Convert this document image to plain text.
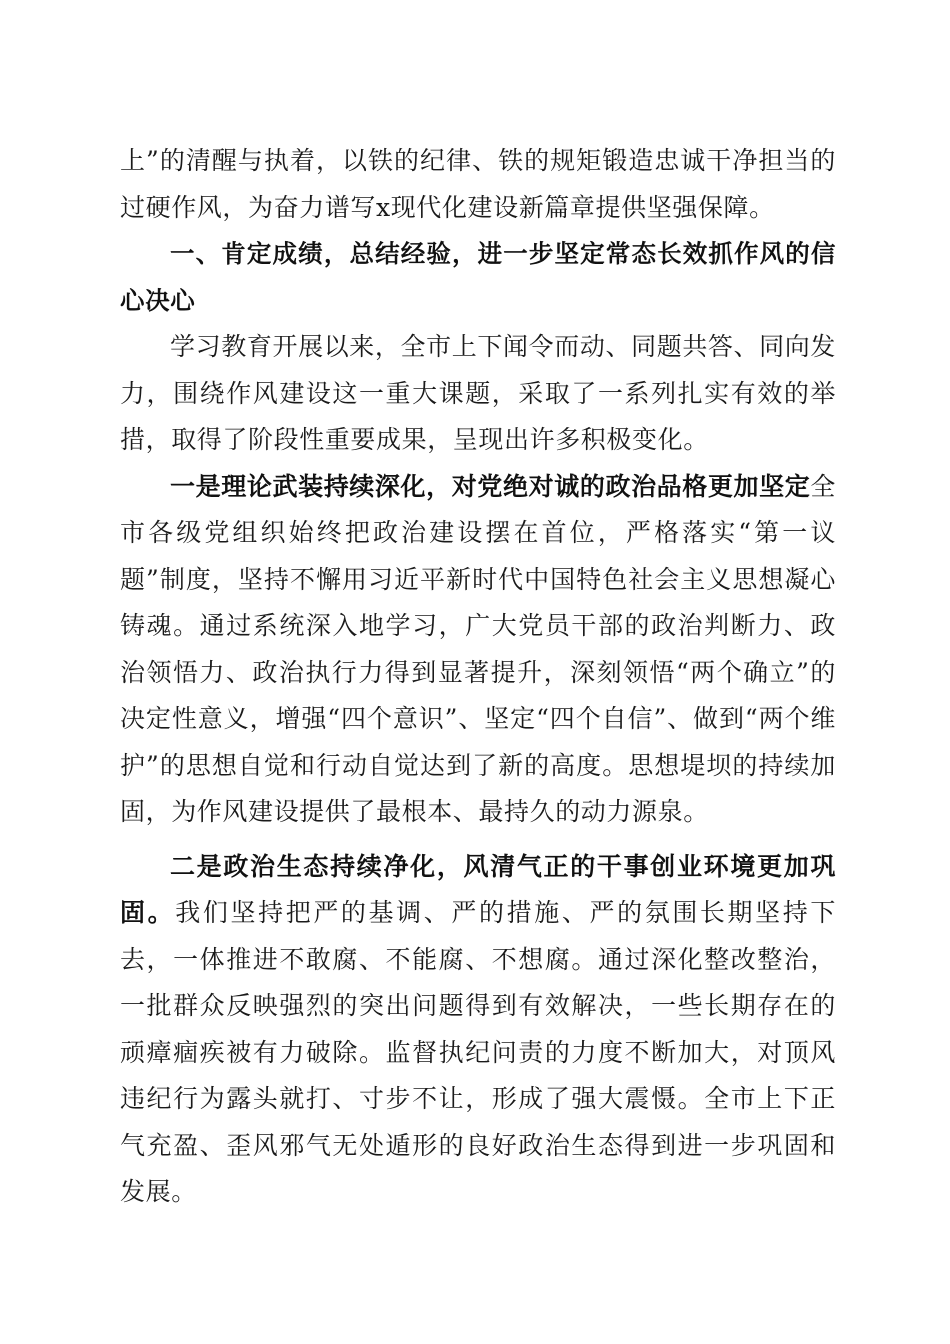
上”的清醒与执着，以铁的纪律、铁的规矩锻造忠诚干净担当的过硬作风，为奋力谱写x现代化建设新篇章提供坚强保障。

一、肯定成绩，总结经验，进一步坚定常态长效抓作风的信心决心

学习教育开展以来，全市上下闻令而动、同题共答、同向发力，围绕作风建设这一重大课题，采取了一系列扎实有效的举措，取得了阶段性重要成果，呈现出许多积极变化。

一是理论武装持续深化，对党绝对诚的政治品格更加坚定全市各级党组织始终把政治建设摆在首位，严格落实“第一议题”制度，坚持不懈用习近平新时代中国特色社会主义思想凝心铸魂。通过系统深入地学习，广大党员干部的政治判断力、政治领悟力、政治执行力得到显著提升，深刻领悟“两个确立”的决定性意义，增强“四个意识”、坚定“四个自信”、做到“两个维护”的思想自觉和行动自觉达到了新的高度。思想堤坝的持续加固，为作风建设提供了最根本、最持久的动力源泉。

二是政治生态持续净化，风清气正的干事创业环境更加巩固。我们坚持把严的基调、严的措施、严的氛围长期坚持下去，一体推进不敢腐、不能腐、不想腐。通过深化整改整治，一批群众反映强烈的突出问题得到有效解决，一些长期存在的顽瘴痼疾被有力破除。监督执纪问责的力度不断加大，对顶风违纪行为露头就打、寸步不让，形成了强大震慑。全市上下正气充盈、歪风邪气无处遁形的良好政治生态得到进一步巩固和发展。
